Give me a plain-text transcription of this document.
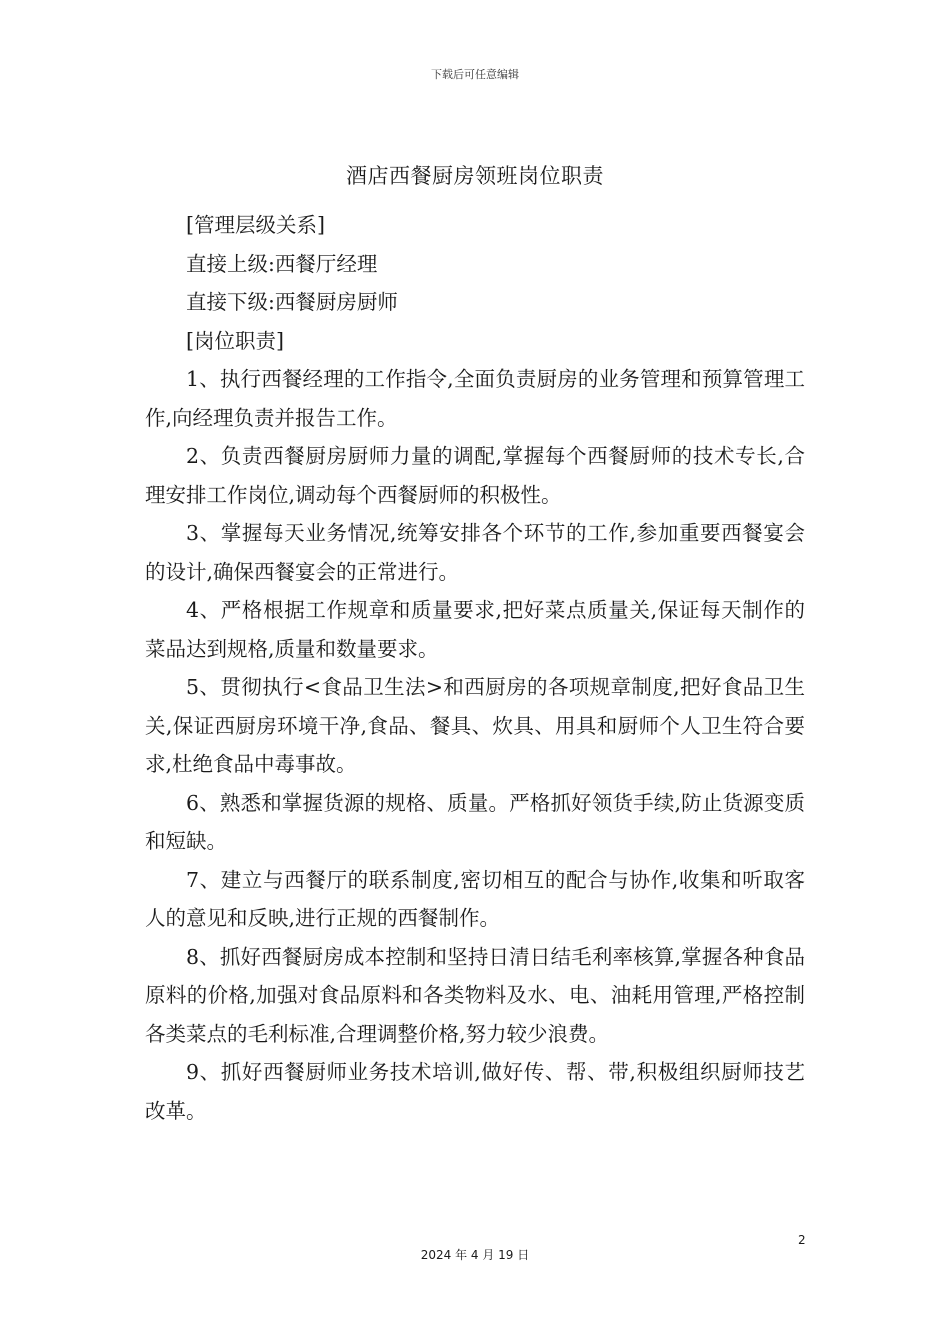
下载后可任意编辑
酒店西餐厨房领班岗位职责

[管理层级关系]

直接上级:西餐厅经理

直接下级:西餐厨房厨师

[岗位职责]

1、执行西餐经理的工作指令,全面负责厨房的业务管理和预算管理工作,向经理负责并报告工作。

2、负责西餐厨房厨师力量的调配,掌握每个西餐厨师的技术专长,合理安排工作岗位,调动每个西餐厨师的积极性。

3、掌握每天业务情况,统筹安排各个环节的工作,参加重要西餐宴会的设计,确保西餐宴会的正常进行。

4、严格根据工作规章和质量要求,把好菜点质量关,保证每天制作的菜品达到规格,质量和数量要求。

5、贯彻执行<食品卫生法>和西厨房的各项规章制度,把好食品卫生关,保证西厨房环境干净,食品、餐具、炊具、用具和厨师个人卫生符合要求,杜绝食品中毒事故。

6、熟悉和掌握货源的规格、质量。严格抓好领货手续,防止货源变质和短缺。

7、建立与西餐厅的联系制度,密切相互的配合与协作,收集和听取客人的意见和反映,进行正规的西餐制作。

8、抓好西餐厨房成本控制和坚持日清日结毛利率核算,掌握各种食品原料的价格,加强对食品原料和各类物料及水、电、油耗用管理,严格控制各类菜点的毛利标准,合理调整价格,努力较少浪费。

9、抓好西餐厨师业务技术培训,做好传、帮、带,积极组织厨师技艺改革。

2
2024 年 4 月 19 日
